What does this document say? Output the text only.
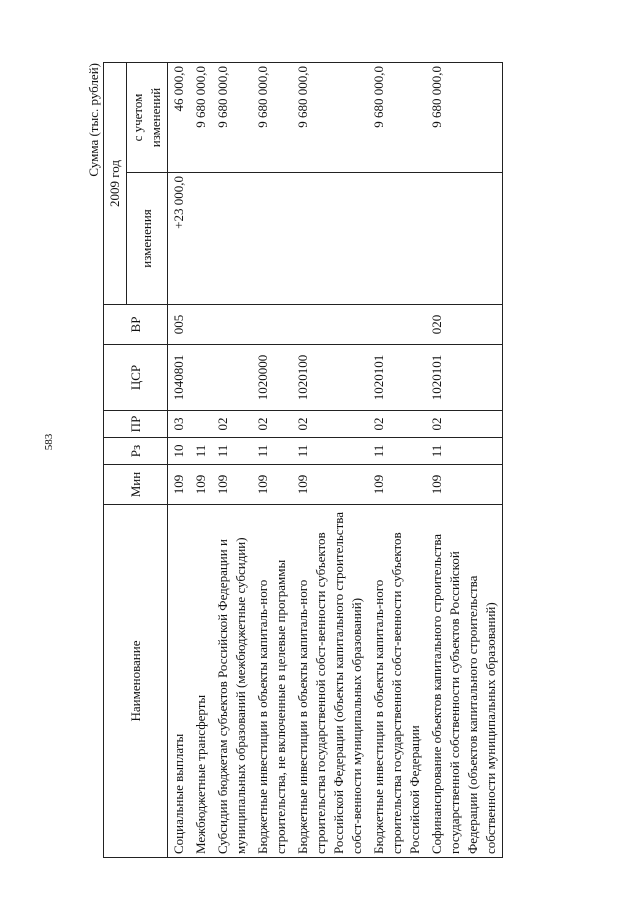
583
Сумма (тыс. рублей)
Наименование	Мин	Рз	ПР	ЦСР	ВР	2009 год	
						изменения	с учетом изменений
Социальные выплаты	109	10	03	1040801	005	+23 000,0	46 000,0
Межбюджетные трансферты	109	11					9 680 000,0
Субсидии бюджетам субъектов Российской Федерации и муниципальных образований (межбюджетные субсидии)	109	11	02				9 680 000,0
Бюджетные инвестиции в объекты капиталь-ного строительства, не включенные в целевые программы	109	11	02	1020000			9 680 000,0
Бюджетные инвестиции в объекты капиталь-ного строительства государственной собст-венности субъектов Российской Федерации (объекты капитального строительства собст-венности муниципальных образований)	109	11	02	1020100			9 680 000,0
Бюджетные инвестиции в объекты капиталь-ного строительства государственной собст-венности субъектов Российской Федерации	109	11	02	1020101			9 680 000,0
Софинансирование объектов капитального строительства государственной собственности субъектов Российской Федерации (объектов капитального строительства собственности муниципальных образований)	109	11	02	1020101	020		9 680 000,0
